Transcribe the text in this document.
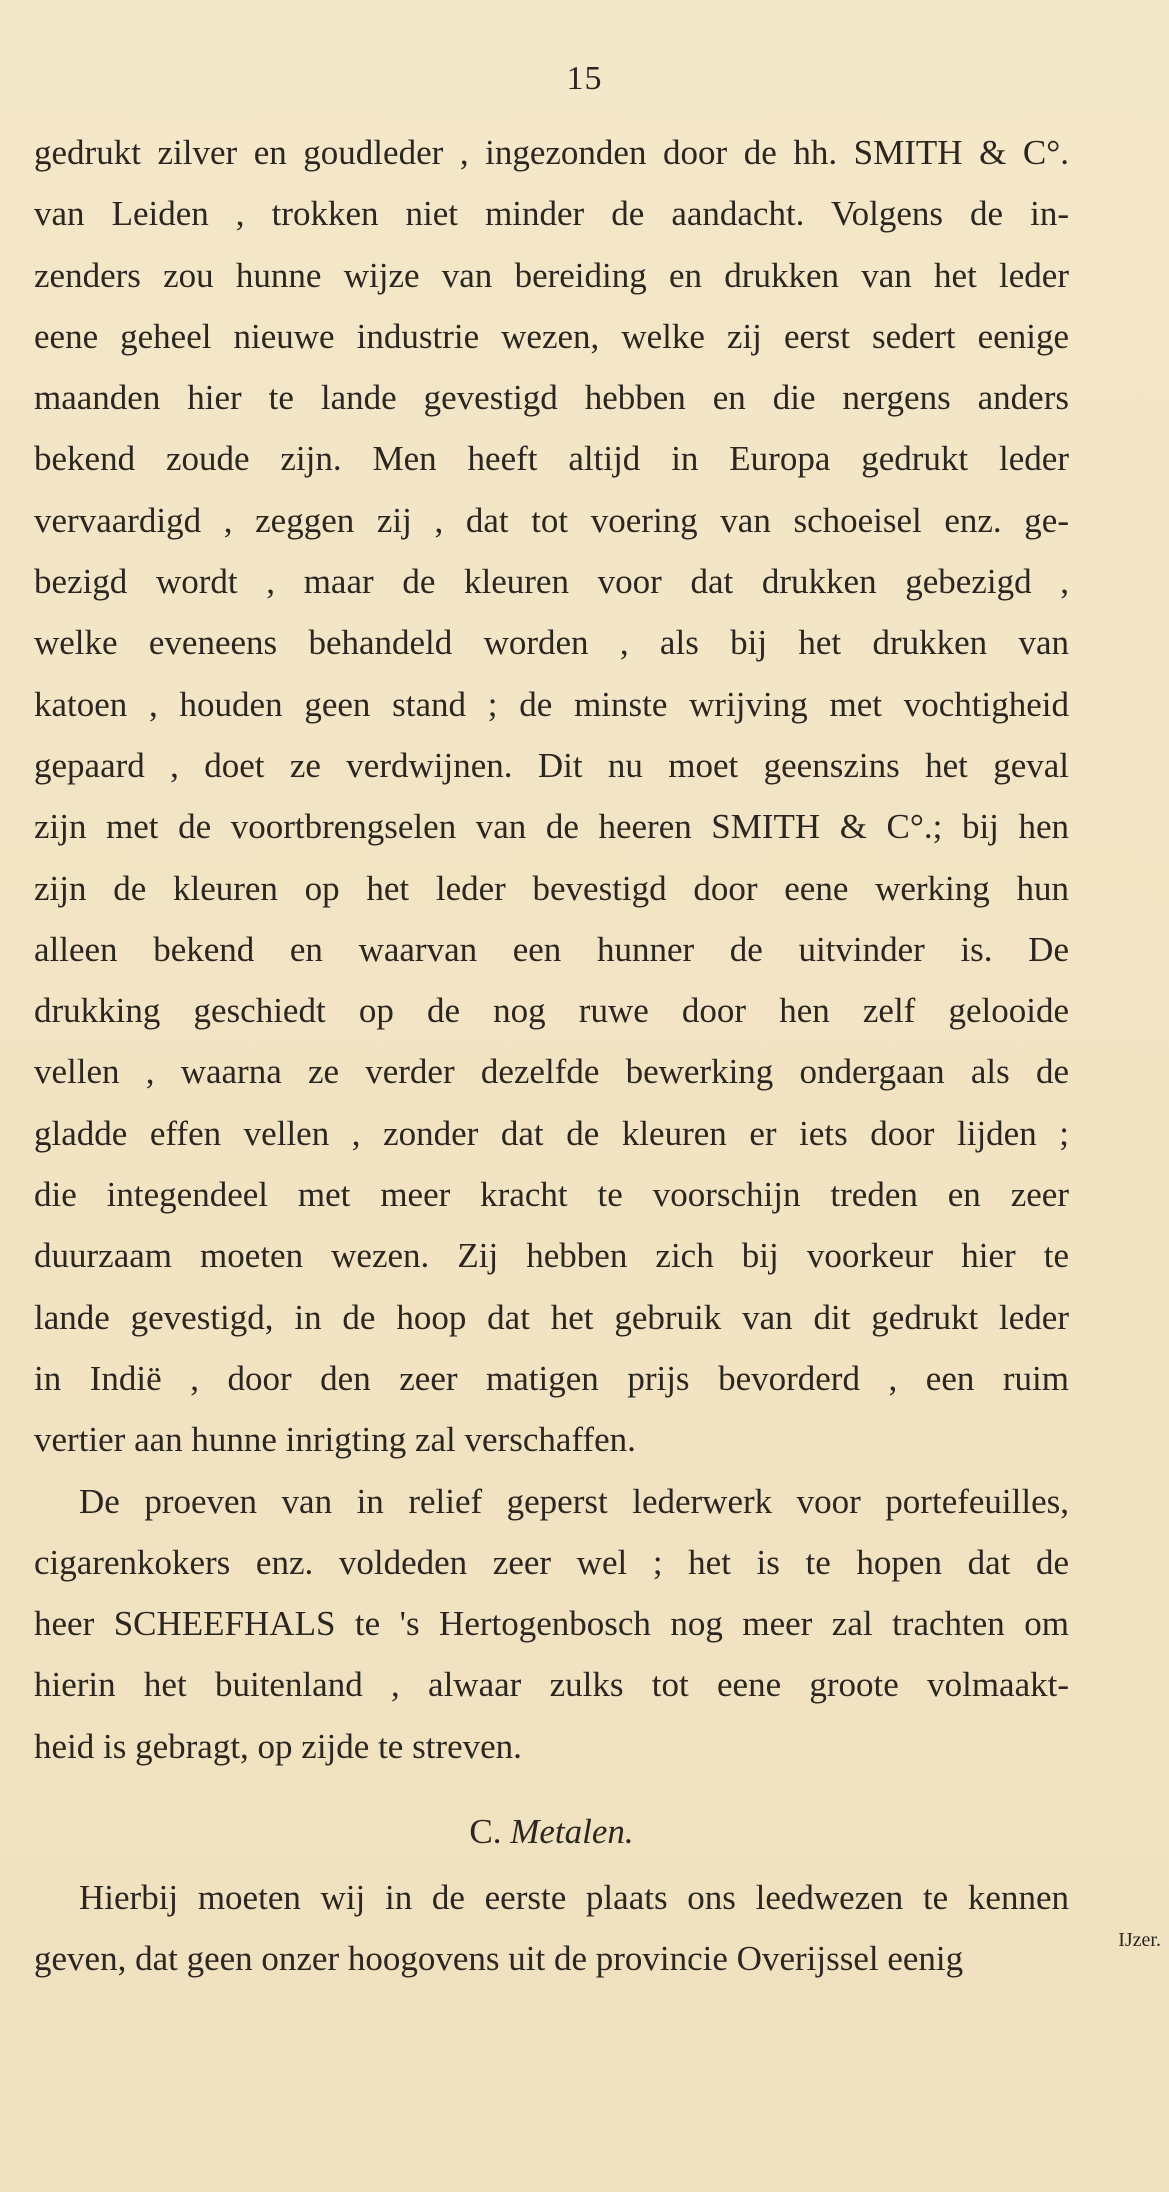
15
gedrukt zilver en goudleder , ingezonden door de hh. SMITH & C°.
van Leiden , trokken niet minder de aandacht. Volgens de in-
zenders zou hunne wijze van bereiding en drukken van het leder
eene geheel nieuwe industrie wezen, welke zij eerst sedert eenige
maanden hier te lande gevestigd hebben en die nergens anders
bekend zoude zijn. Men heeft altijd in Europa gedrukt leder
vervaardigd , zeggen zij , dat tot voering van schoeisel enz. ge-
bezigd wordt , maar de kleuren voor dat drukken gebezigd ,
welke eveneens behandeld worden , als bij het drukken van
katoen , houden geen stand ; de minste wrijving met vochtigheid
gepaard , doet ze verdwijnen. Dit nu moet geenszins het geval
zijn met de voortbrengselen van de heeren SMITH & C°.; bij hen
zijn de kleuren op het leder bevestigd door eene werking hun
alleen bekend en waarvan een hunner de uitvinder is. De
drukking geschiedt op de nog ruwe door hen zelf gelooide
vellen , waarna ze verder dezelfde bewerking ondergaan als de
gladde effen vellen , zonder dat de kleuren er iets door lijden ;
die integendeel met meer kracht te voorschijn treden en zeer
duurzaam moeten wezen. Zij hebben zich bij voorkeur hier te
lande gevestigd, in de hoop dat het gebruik van dit gedrukt leder
in Indië , door den zeer matigen prijs bevorderd , een ruim
vertier aan hunne inrigting zal verschaffen.
De proeven van in relief geperst lederwerk voor portefeuilles,
cigarenkokers enz. voldeden zeer wel ; het is te hopen dat de
heer SCHEEFHALS te 's Hertogenbosch nog meer zal trachten om
hierin het buitenland , alwaar zulks tot eene groote volmaakt-
heid is gebragt, op zijde te streven.
C. Metalen.
Hierbij moeten wij in de eerste plaats ons leedwezen te kennen
geven, dat geen onzer hoogovens uit de provincie Overijssel eenig	IJzer.
